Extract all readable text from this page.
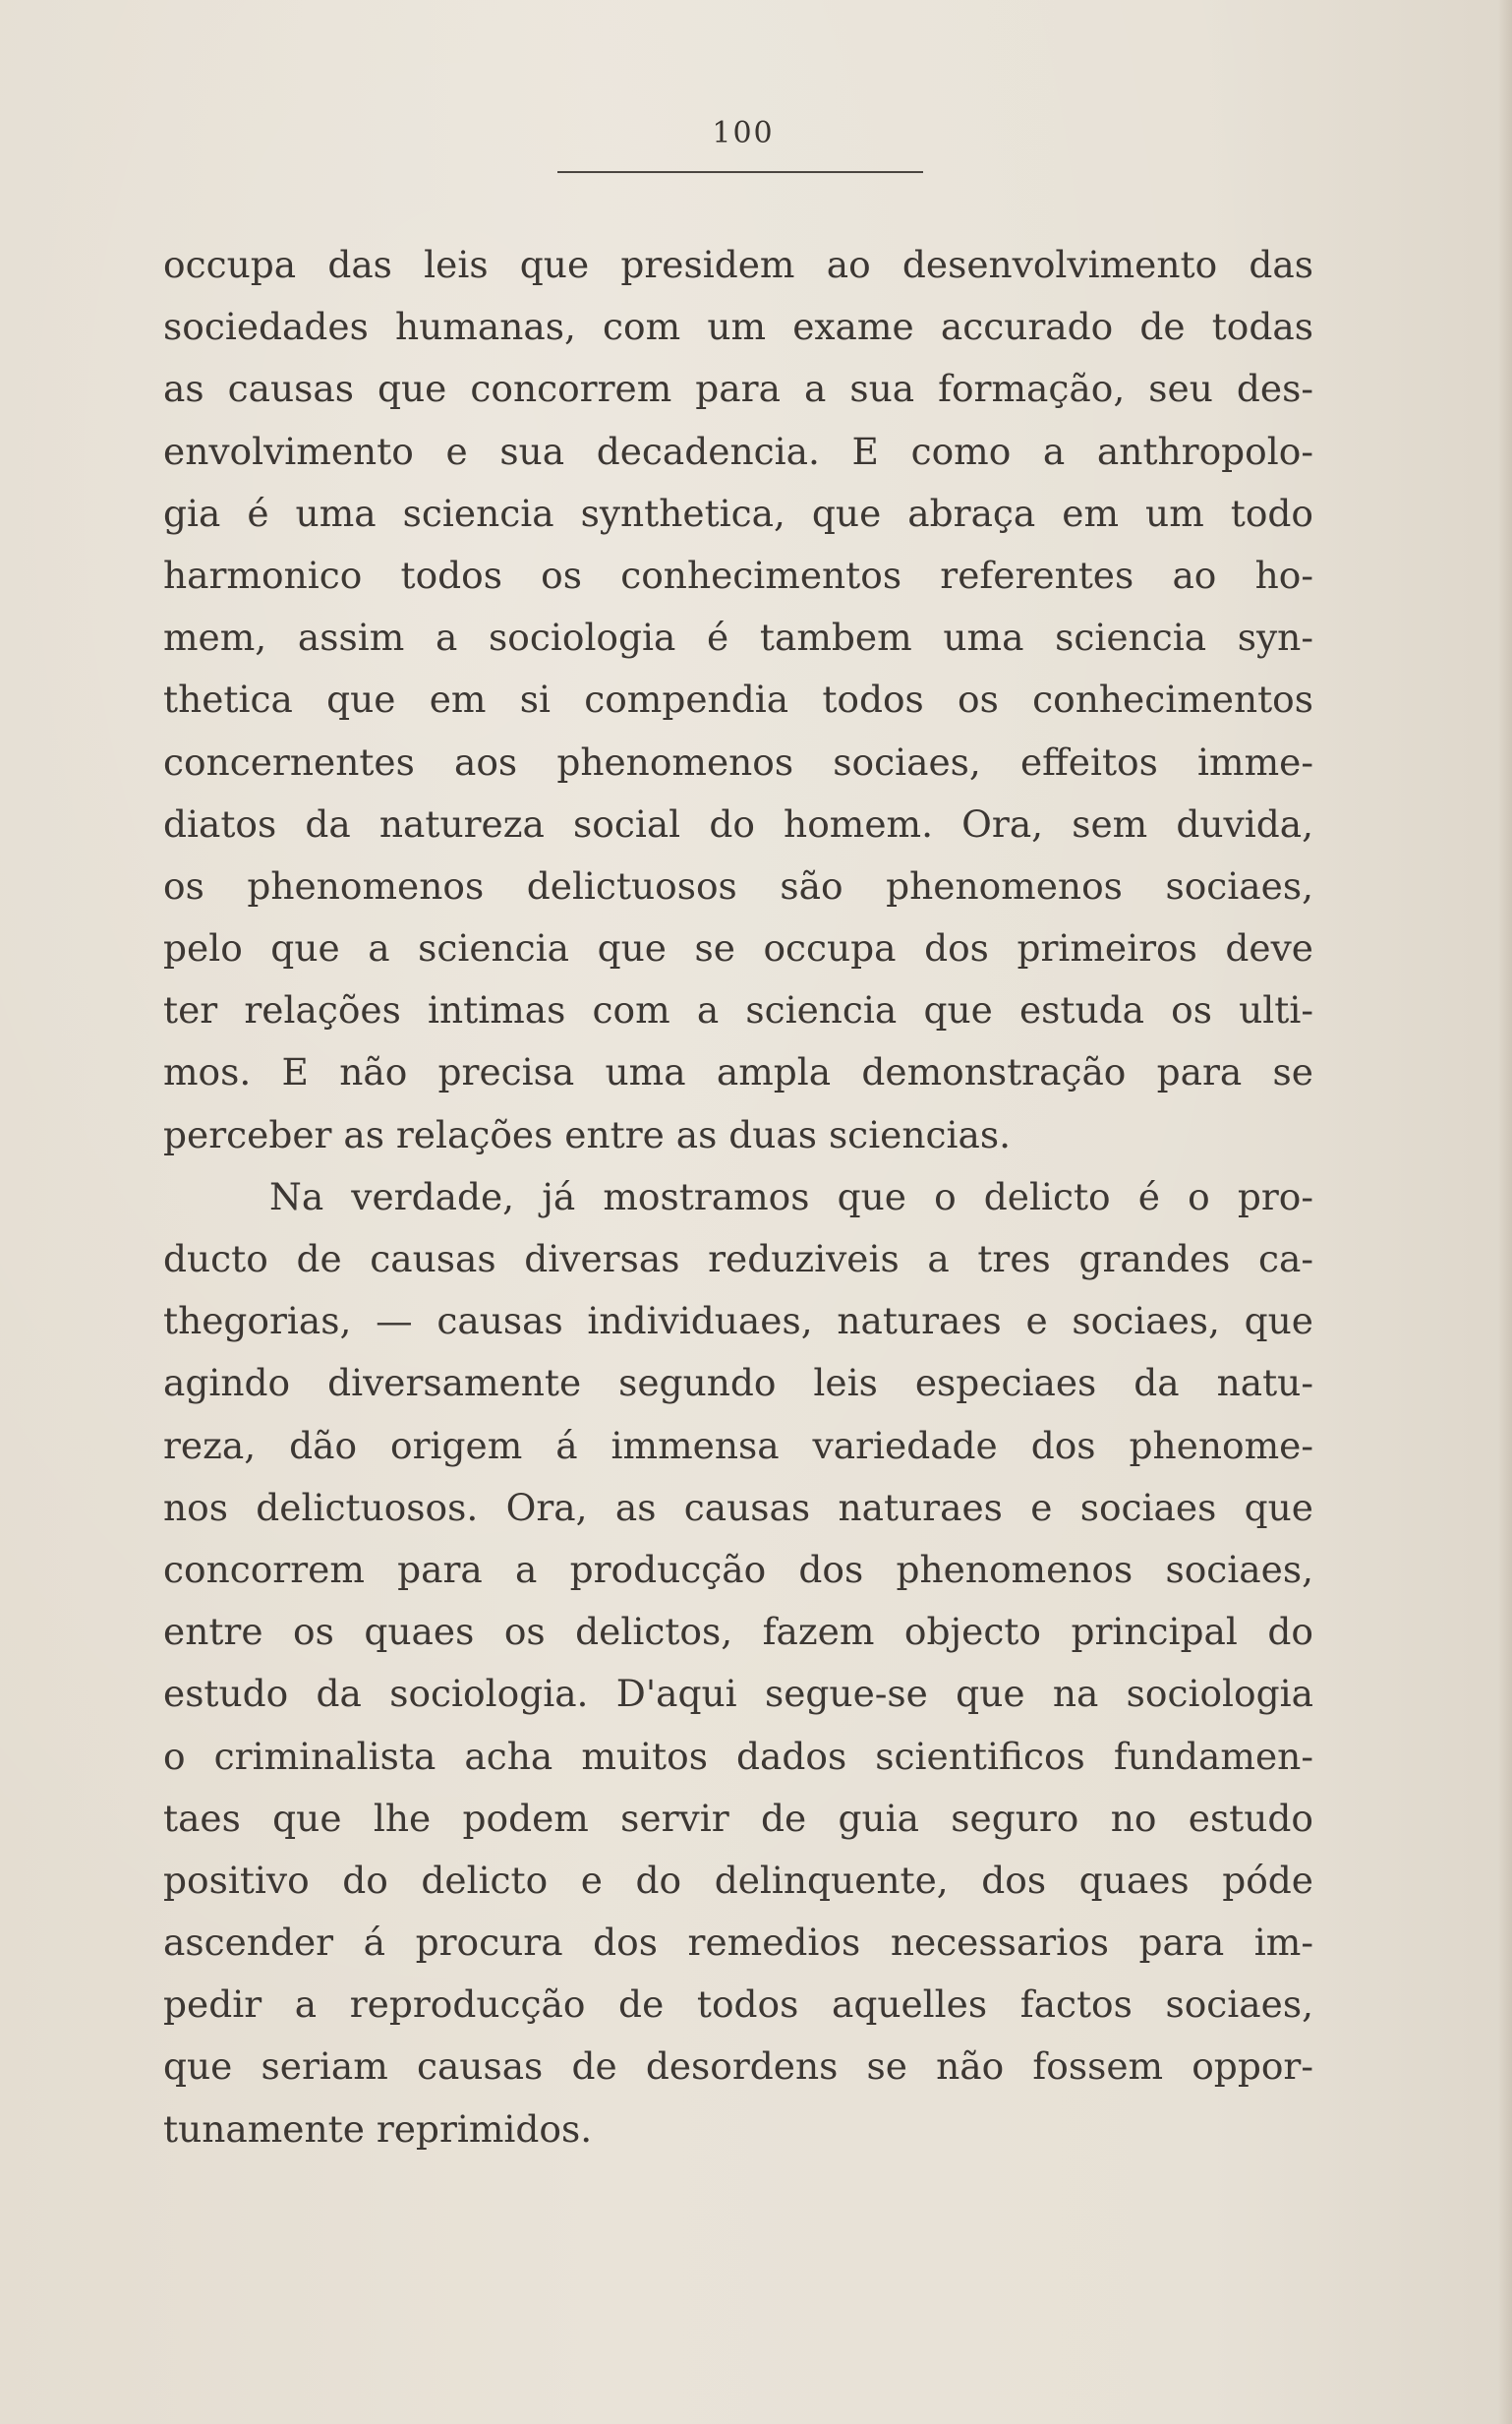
100
occupa das leis que presidem ao desenvolvimento das
sociedades humanas, com um exame accurado de todas
as causas que concorrem para a sua formação, seu des-
envolvimento e sua decadencia. E como a anthropolo-
gia é uma sciencia synthetica, que abraça em um todo
harmonico todos os conhecimentos referentes ao ho-
mem, assim a sociologia é tambem uma sciencia syn-
thetica que em si compendia todos os conhecimentos
concernentes aos phenomenos sociaes, effeitos imme-
diatos da natureza social do homem. Ora, sem duvida,
os phenomenos delictuosos são phenomenos sociaes,
pelo que a sciencia que se occupa dos primeiros deve
ter relações intimas com a sciencia que estuda os ulti-
mos. E não precisa uma ampla demonstração para se
perceber as relações entre as duas sciencias.
Na verdade, já mostramos que o delicto é o pro-
ducto de causas diversas reduziveis a tres grandes ca-
thegorias, — causas individuaes, naturaes e sociaes, que
agindo diversamente segundo leis especiaes da natu-
reza, dão origem á immensa variedade dos phenome-
nos delictuosos. Ora, as causas naturaes e sociaes que
concorrem para a producção dos phenomenos sociaes,
entre os quaes os delictos, fazem objecto principal do
estudo da sociologia. D'aqui segue-se que na sociologia
o criminalista acha muitos dados scientificos fundamen-
taes que lhe podem servir de guia seguro no estudo
positivo do delicto e do delinquente, dos quaes póde
ascender á procura dos remedios necessarios para im-
pedir a reproducção de todos aquelles factos sociaes,
que seriam causas de desordens se não fossem oppor-
tunamente reprimidos.
